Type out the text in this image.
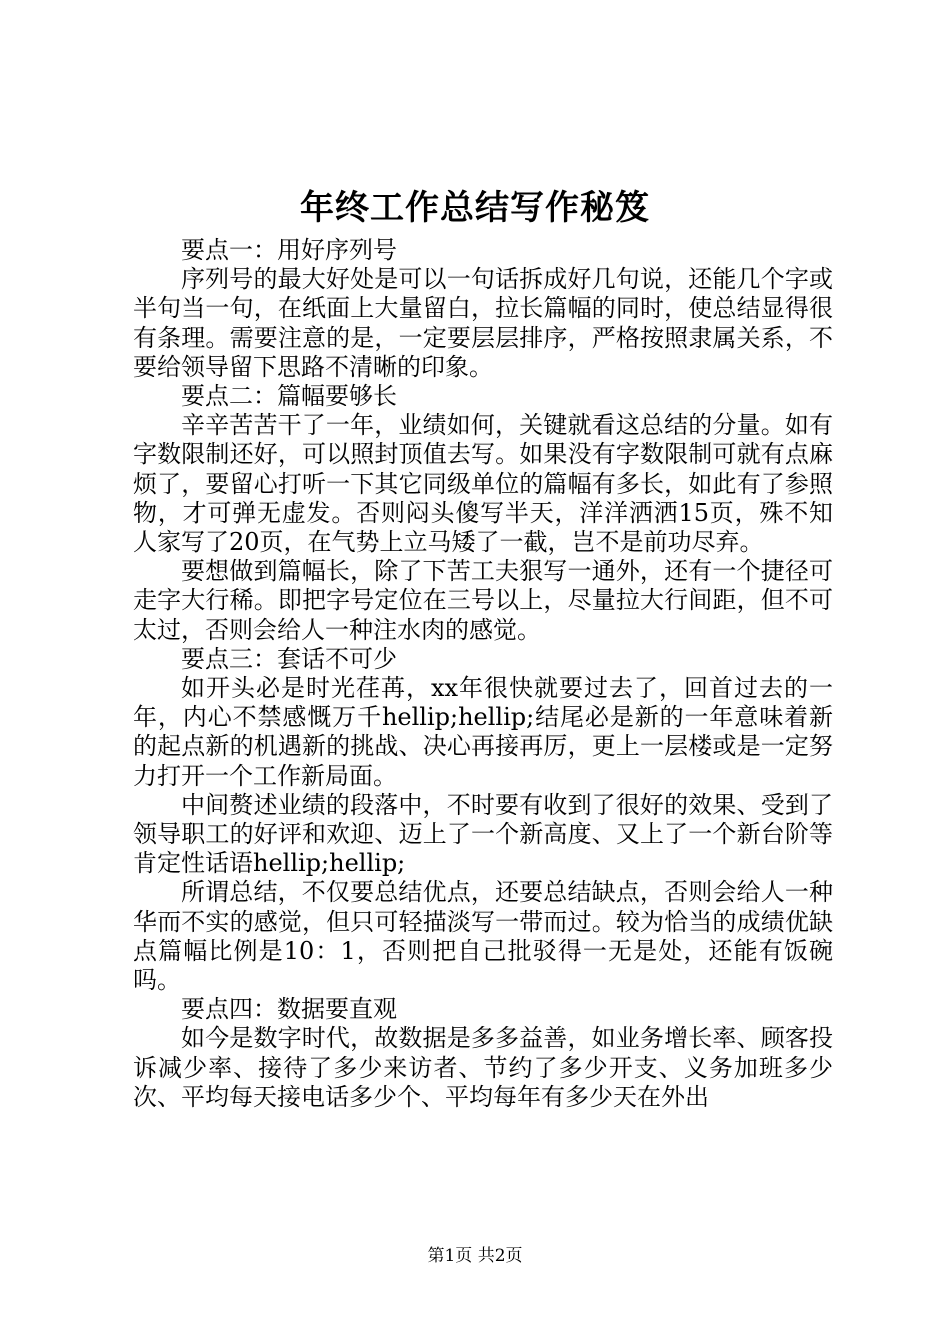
年终工作总结写作秘笈

要点一：用好序列号

序列号的最大好处是可以一句话拆成好几句说，还能几个字或半句当一句，在纸面上大量留白，拉长篇幅的同时，使总结显得很有条理。需要注意的是，一定要层层排序，严格按照隶属关系，不要给领导留下思路不清晰的印象。

要点二：篇幅要够长

辛辛苦苦干了一年，业绩如何，关键就看这总结的分量。如有字数限制还好，可以照封顶值去写。如果没有字数限制可就有点麻烦了，要留心打听一下其它同级单位的篇幅有多长，如此有了参照物，才可弹无虚发。否则闷头傻写半天，洋洋洒洒15页，殊不知人家写了20页，在气势上立马矮了一截，岂不是前功尽弃。

要想做到篇幅长，除了下苦工夫狠写一通外，还有一个捷径可走字大行稀。即把字号定位在三号以上，尽量拉大行间距，但不可太过，否则会给人一种注水肉的感觉。

要点三：套话不可少

如开头必是时光荏苒，xx年很快就要过去了，回首过去的一年，内心不禁感慨万千hellip;hellip;结尾必是新的一年意味着新的起点新的机遇新的挑战、决心再接再厉，更上一层楼或是一定努力打开一个工作新局面。

中间赘述业绩的段落中，不时要有收到了很好的效果、受到了领导职工的好评和欢迎、迈上了一个新高度、又上了一个新台阶等肯定性话语hellip;hellip;

所谓总结，不仅要总结优点，还要总结缺点，否则会给人一种华而不实的感觉，但只可轻描淡写一带而过。较为恰当的成绩优缺点篇幅比例是10：1，否则把自己批驳得一无是处，还能有饭碗吗。

要点四：数据要直观

如今是数字时代，故数据是多多益善，如业务增长率、顾客投诉减少率、接待了多少来访者、节约了多少开支、义务加班多少次、平均每天接电话多少个、平均每年有多少天在外出

第1页 共2页
